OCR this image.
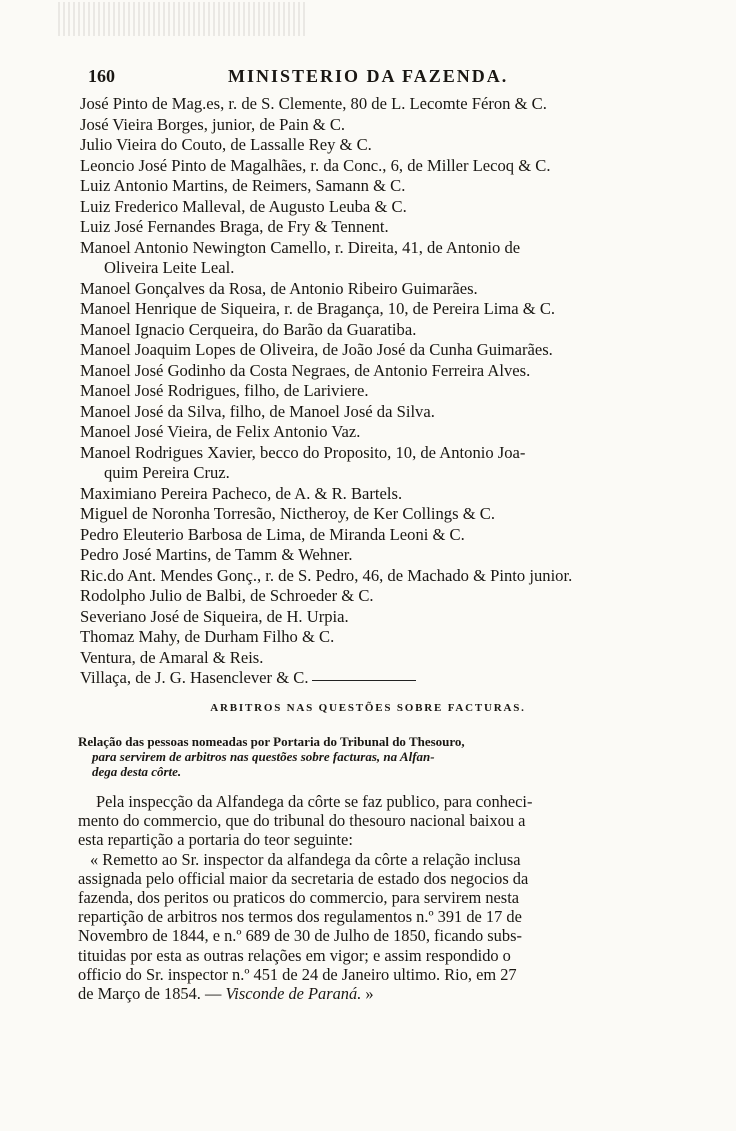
160	MINISTERIO DA FAZENDA.
José Pinto de Mag.es, r. de S. Clemente, 80 de L. Lecomte Féron & C.
José Vieira Borges, junior, de Pain & C.
Julio Vieira do Couto, de Lassalle Rey & C.
Leoncio José Pinto de Magalhães, r. da Conc., 6, de Miller Lecoq & C.
Luiz Antonio Martins, de Reimers, Samann & C.
Luiz Frederico Malleval, de Augusto Leuba & C.
Luiz José Fernandes Braga, de Fry & Tennent.
Manoel Antonio Newington Camello, r. Direita, 41, de Antonio de
Oliveira Leite Leal.
Manoel Gonçalves da Rosa, de Antonio Ribeiro Guimarães.
Manoel Henrique de Siqueira, r. de Bragança, 10, de Pereira Lima & C.
Manoel Ignacio Cerqueira, do Barão da Guaratiba.
Manoel Joaquim Lopes de Oliveira, de João José da Cunha Guimarães.
Manoel José Godinho da Costa Negraes, de Antonio Ferreira Alves.
Manoel José Rodrigues, filho, de Lariviere.
Manoel José da Silva, filho, de Manoel José da Silva.
Manoel José Vieira, de Felix Antonio Vaz.
Manoel Rodrigues Xavier, becco do Proposito, 10, de Antonio Joa-
quim Pereira Cruz.
Maximiano Pereira Pacheco, de A. & R. Bartels.
Miguel de Noronha Torresão, Nictheroy, de Ker Collings & C.
Pedro Eleuterio Barbosa de Lima, de Miranda Leoni & C.
Pedro José Martins, de Tamm & Wehner.
Ric.do Ant. Mendes Gonç., r. de S. Pedro, 46, de Machado & Pinto junior.
Rodolpho Julio de Balbi, de Schroeder & C.
Severiano José de Siqueira, de H. Urpia.
Thomaz Mahy, de Durham Filho & C.
Ventura, de Amaral & Reis.
Villaça, de J. G. Hasenclever & C.
ARBITROS NAS QUESTÕES SOBRE FACTURAS.
Relação das pessoas nomeadas por Portaria do Tribunal do Thesouro,
para servirem de arbitros nas questões sobre facturas, na Alfan-
dega desta côrte.
Pela inspecção da Alfandega da côrte se faz publico, para conheci-
mento do commercio, que do tribunal do thesouro nacional baixou a
esta repartição a portaria do teor seguinte:
« Remetto ao Sr. inspector da alfandega da côrte a relação inclusa
assignada pelo official maior da secretaria de estado dos negocios da
fazenda, dos peritos ou praticos do commercio, para servirem nesta
repartição de arbitros nos termos dos regulamentos n.º 391 de 17 de
Novembro de 1844, e n.º 689 de 30 de Julho de 1850, ficando subs-
tituidas por esta as outras relações em vigor; e assim respondido o
officio do Sr. inspector n.º 451 de 24 de Janeiro ultimo. Rio, em 27
de Março de 1854. — Visconde de Paraná. »
